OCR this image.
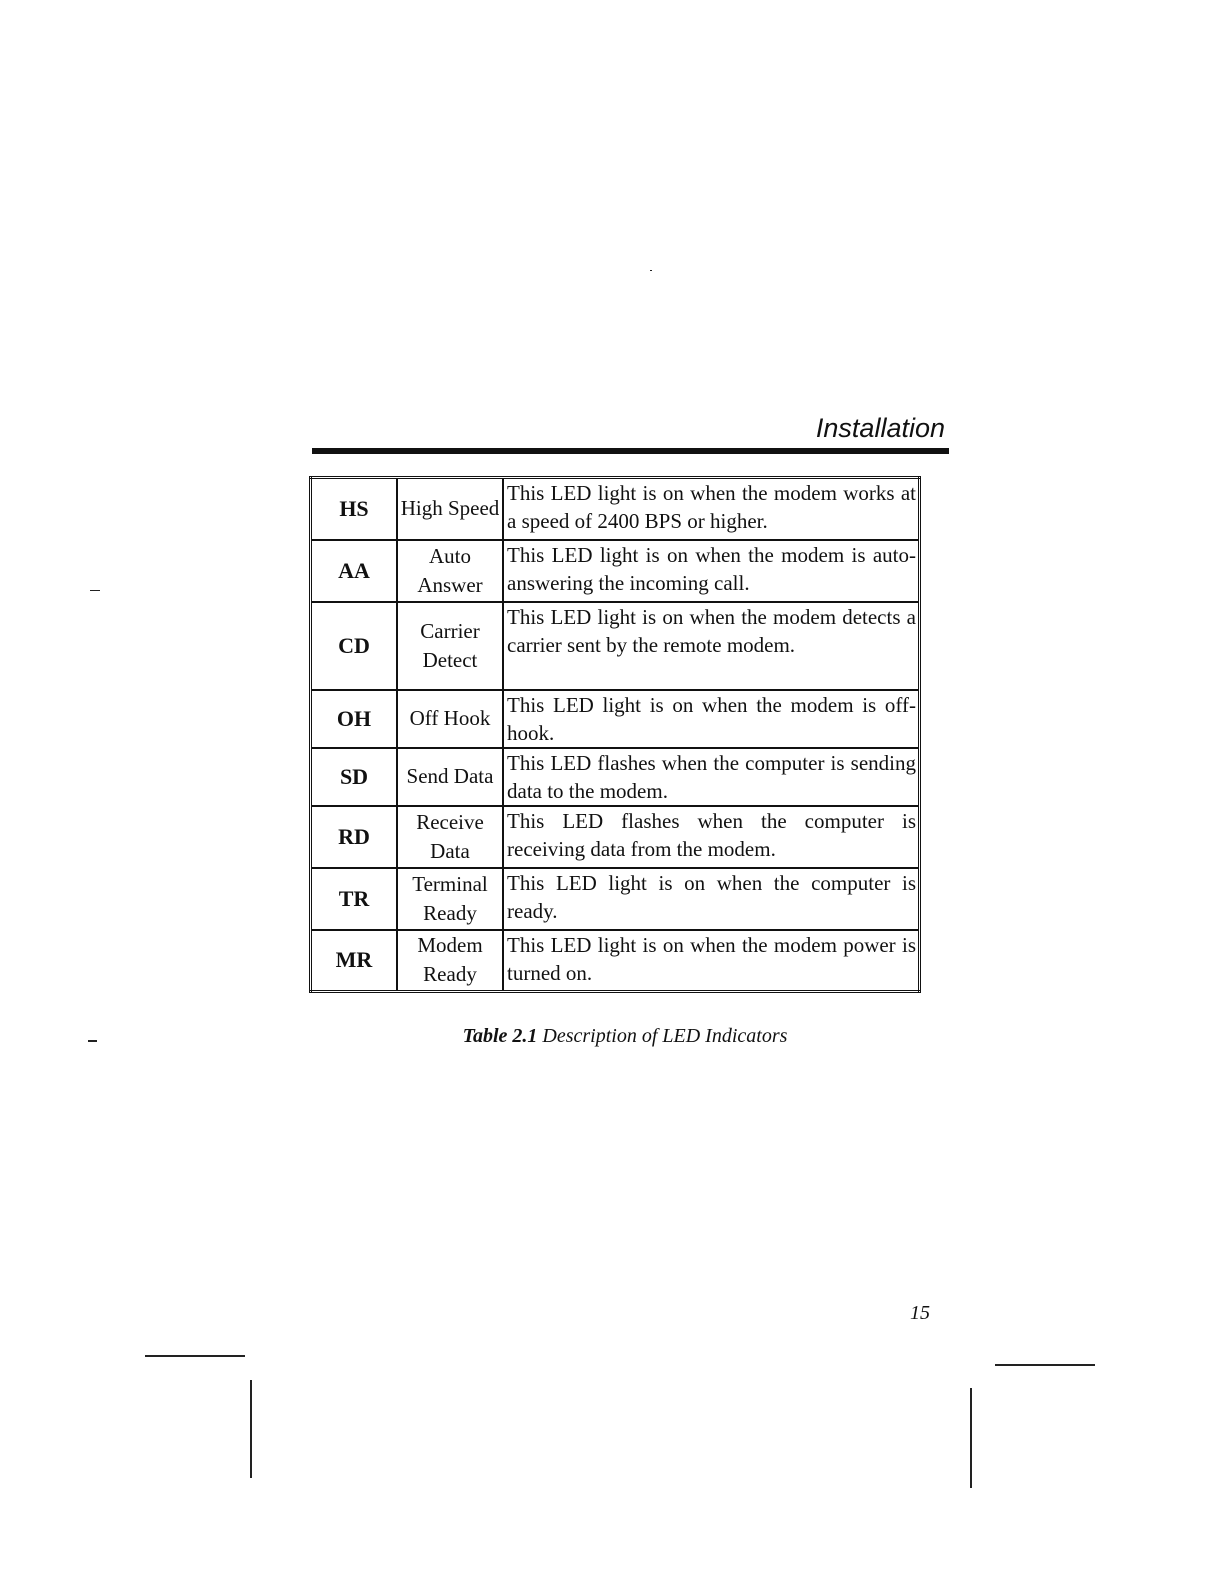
Installation
HS	High Speed	This LED light is on when the modem works at a speed of 2400 BPS or higher.
AA	Auto Answer	This LED light is on when the modem is auto-answering the incoming call.
CD	Carrier Detect	This LED light is on when the modem detects a carrier sent by the remote modem.
OH	Off Hook	This LED light is on when the modem is off-hook.
SD	Send Data	This LED flashes when the computer is sending data to the modem.
RD	Receive Data	This LED flashes when the computer is receiving data from the modem.
TR	Terminal Ready	This LED light is on when the computer is ready.
MR	Modem Ready	This LED light is on when the modem power is turned on.
Table 2.1 Description of LED Indicators
15
